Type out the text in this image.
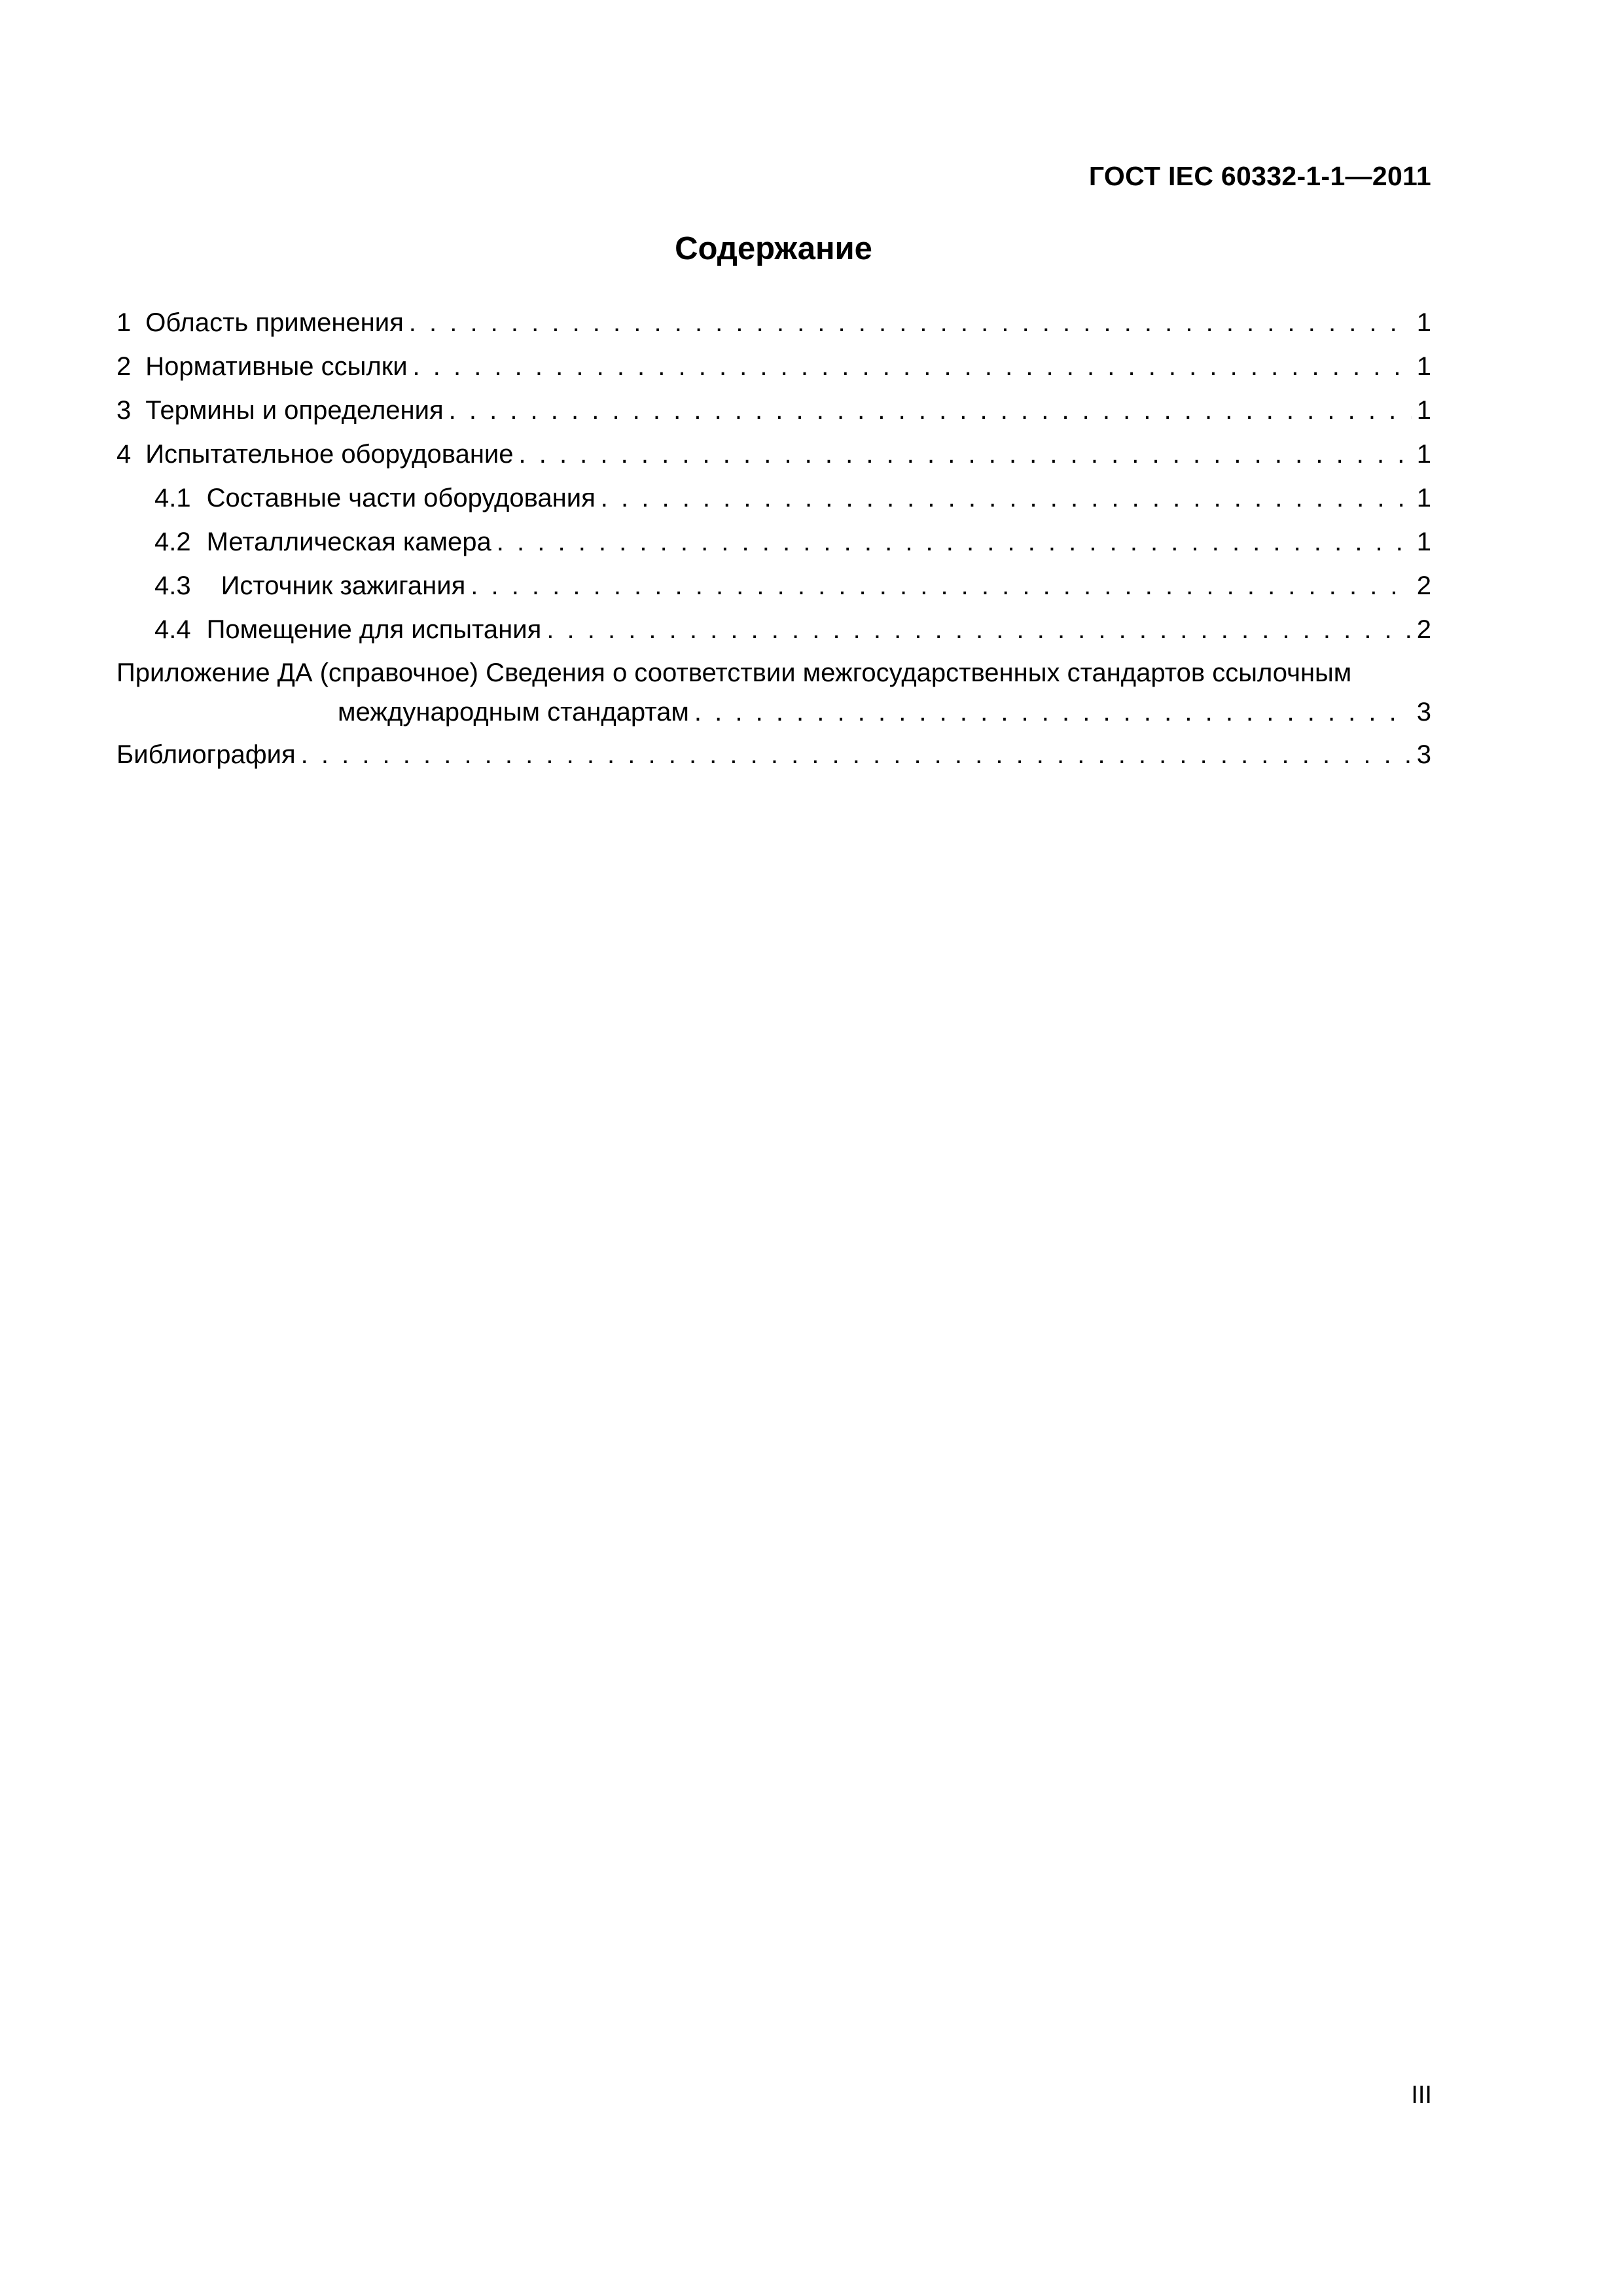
ГОСТ IEC 60332-1-1—2011
Содержание
1 Область применения . . .	1
2 Нормативные ссылки . . .	1
3 Термины и определения . . .	1
4 Испытательное оборудование . . .	1
4.1 Составные части оборудования . . .	1
4.2 Металлическая камера . . .	1
4.3 Источник зажигания . . .	2
4.4 Помещение для испытания . . .	2
Приложение ДА (справочное) Сведения о соответствии межгосударственных стандартов ссылочным
международным стандартам . . .	3
Библиография . . .	3
III
